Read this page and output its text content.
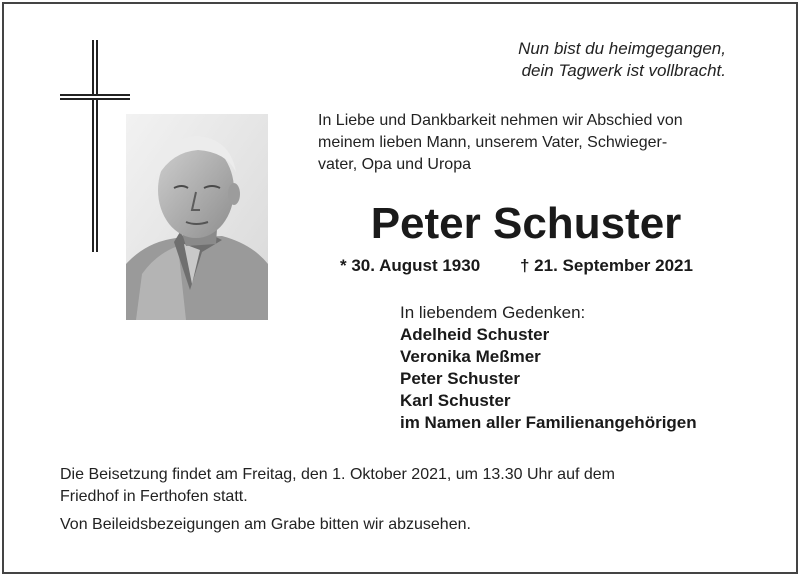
Nun bist du heimgegangen,
dein Tagwerk ist vollbracht.
In Liebe und Dankbarkeit nehmen wir Abschied von
meinem lieben Mann, unserem Vater, Schwieger-
vater, Opa und Uropa
Peter Schuster
* 30. August 1930 † 21. September 2021
In liebendem Gedenken:
Adelheid Schuster
Veronika Meßmer
Peter Schuster
Karl Schuster
im Namen aller Familienangehörigen
Die Beisetzung findet am Freitag, den 1. Oktober 2021, um 13.30 Uhr auf dem
Friedhof in Ferthofen statt.
Von Beileidsbezeigungen am Grabe bitten wir abzusehen.
